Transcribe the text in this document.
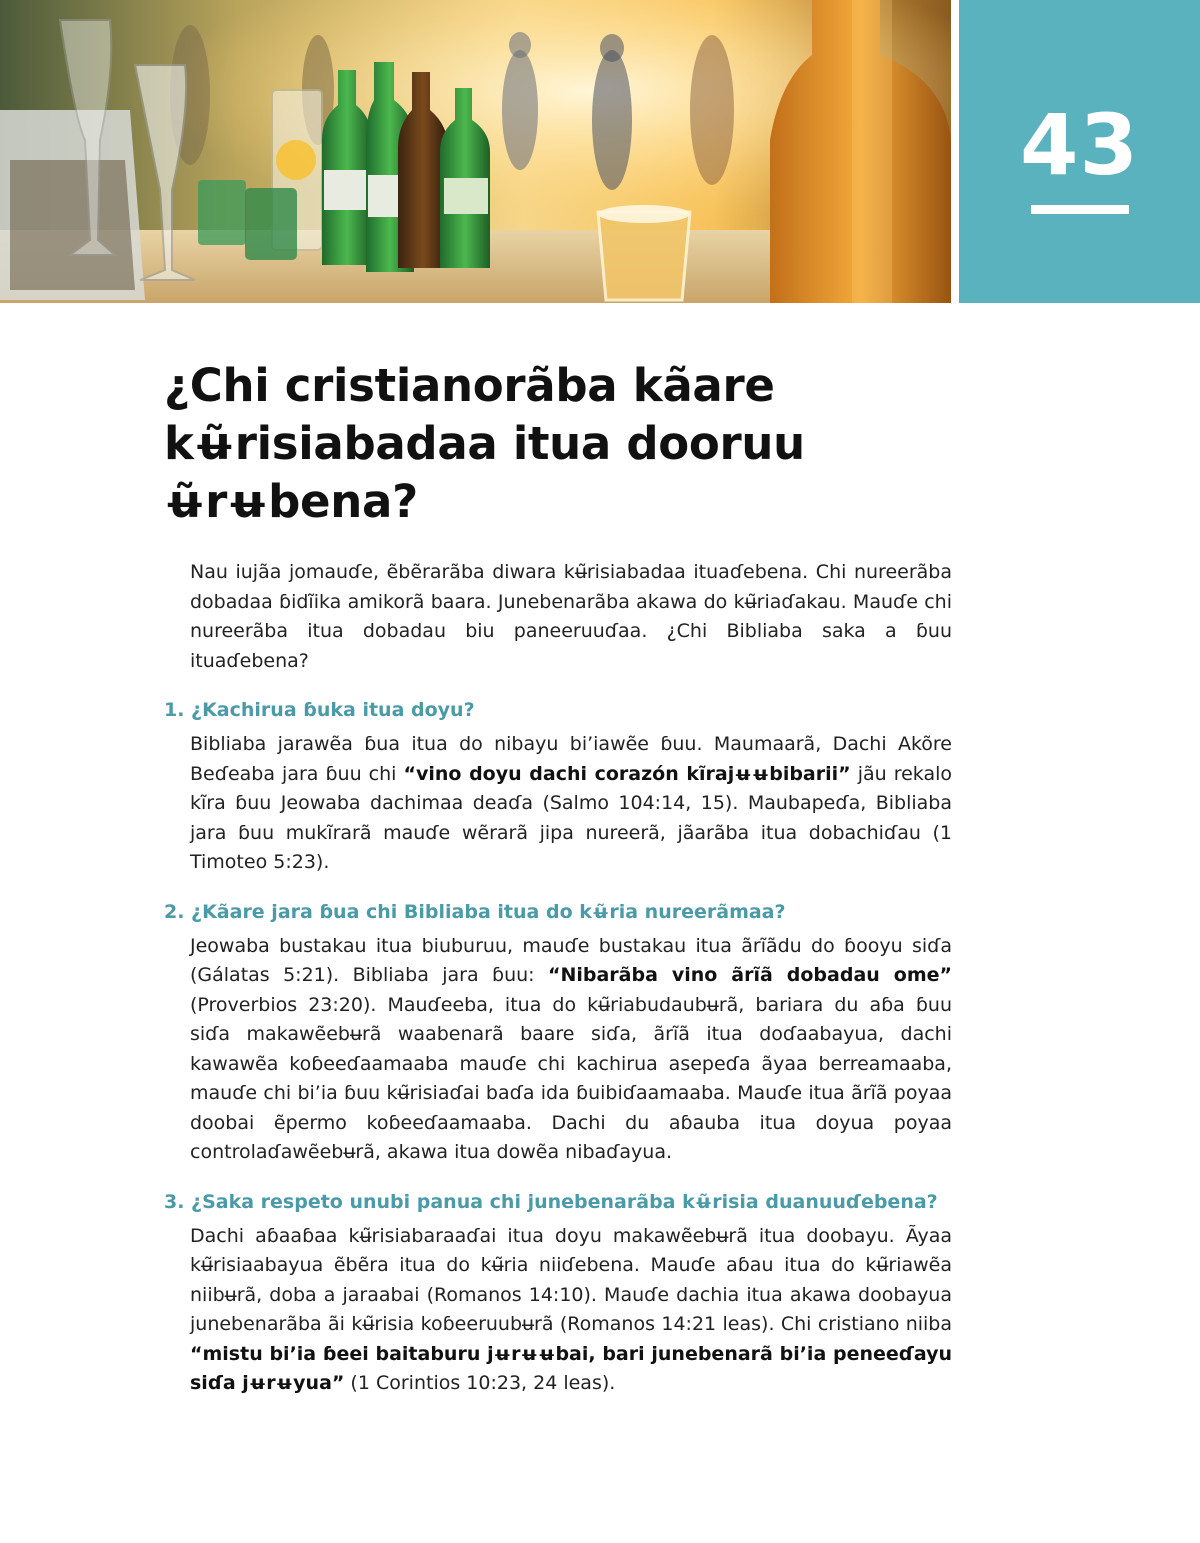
43
¿Chi cristianorãba kãare kʉ̃risiabadaa itua dooruu ʉ̃rʉbena?

Nau iujãa jomauɗe, ẽbẽrarãba diwara kʉ̃risiabadaa ituaɗebena. Chi nureerãba dobadaa ɓidĩika amikorã baara. Junebenarãba akawa do kʉ̃riaɗakau. Mauɗe chi nureerãba itua dobadau biu paneeruuɗaa. ¿Chi Bibliaba saka a ɓuu ituaɗebena?

1. ¿Kachirua ɓuka itua doyu?

Bibliaba jarawẽa ɓua itua do nibayu bi’iawẽe ɓuu. Maumaarã, Dachi Akõre Beɗeaba jara ɓuu chi “vino doyu dachi corazón kĩrajʉʉbibarii” jãu rekalo kĩra ɓuu Jeowaba dachimaa deaɗa (Salmo 104:14, 15). Maubapeɗa, Bibliaba jara ɓuu mukĩrarã mauɗe wẽrarã jipa nureerã, jãarãba itua dobachiɗau (1 Timoteo 5:23).

2. ¿Kãare jara ɓua chi Bibliaba itua do kʉ̃ria nureerãmaa?

Jeowaba bustakau itua biuburuu, mauɗe bustakau itua ãrĩãdu do ɓooyu siɗa (Gálatas 5:21). Bibliaba jara ɓuu: “Nibarãba vino ãrĩã dobadau ome” (Proverbios 23:20). Mauɗeeba, itua do kʉ̃riabudaubʉrã, bariara du aɓa ɓuu siɗa makawẽebʉrã waabenarã baare siɗa, ãrĩã itua doɗaabayua, dachi kawawẽa koɓeeɗaamaaba mauɗe chi kachirua asepeɗa ãyaa berreamaaba, mauɗe chi bi’ia ɓuu kʉ̃risiaɗai baɗa ida ɓuibiɗaamaaba. Mauɗe itua ãrĩã poyaa doobai ẽpermo koɓeeɗaamaaba. Dachi du aɓauba itua doyua poyaa controlaɗawẽebʉrã, akawa itua dowẽa nibaɗayua.

3. ¿Saka respeto unubi panua chi junebenarãba kʉ̃risia duanuuɗebena?

Dachi aɓaaɓaa kʉ̃risiabaraaɗai itua doyu makawẽebʉrã itua doobayu. Ãyaa kʉ̃risiaabayua ẽbẽra itua do kʉ̃ria niiɗebena. Mauɗe aɓau itua do kʉ̃riawẽa niibʉrã, doba a jaraabai (Romanos 14:10). Mauɗe dachia itua akawa doobayua junebenarãba ãi kʉ̃risia koɓeeruubʉrã (Romanos 14:21 leas). Chi cristiano niiba “mistu bi’ia ɓeei baitaburu jʉrʉʉbai, bari junebenarã bi’ia peneeɗayu siɗa jʉrʉyua” (1 Corintios 10:23, 24 leas).
